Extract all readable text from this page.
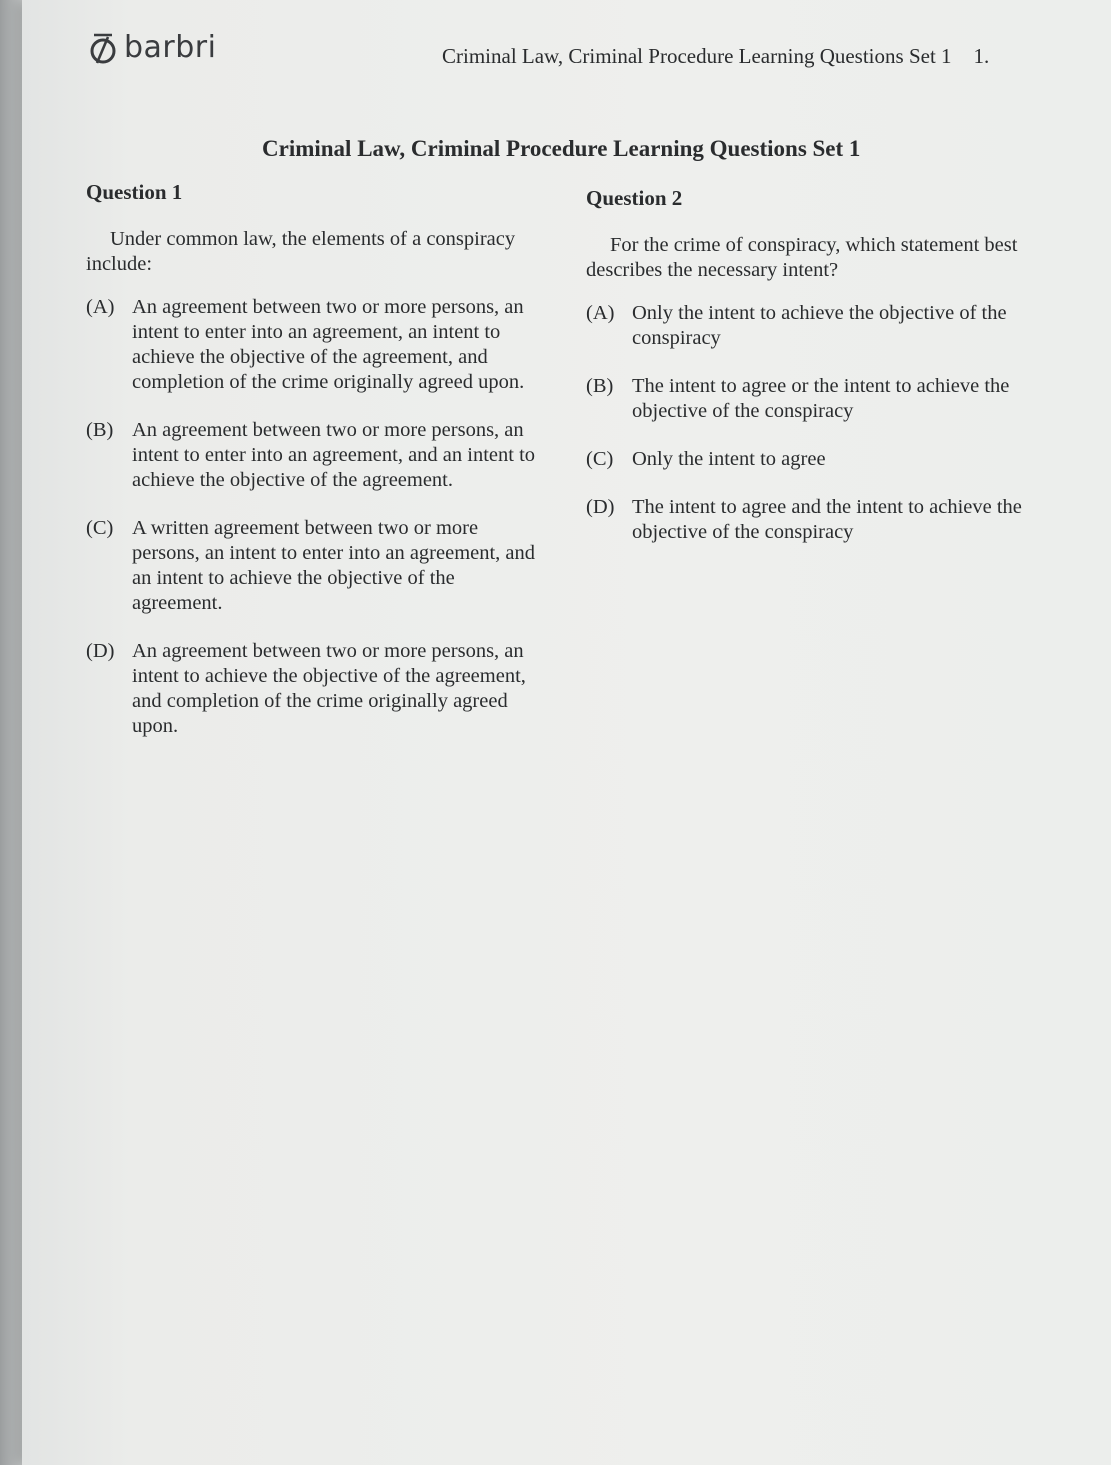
barbri	Criminal Law, Criminal Procedure Learning Questions Set 1 1.
Criminal Law, Criminal Procedure Learning Questions Set 1
Question 1
Under common law, the elements of a conspiracy include:
(A) An agreement between two or more persons, an intent to enter into an agreement, an intent to achieve the objective of the agreement, and completion of the crime originally agreed upon.
(B) An agreement between two or more persons, an intent to enter into an agreement, and an intent to achieve the objective of the agreement.
(C) A written agreement between two or more persons, an intent to enter into an agreement, and an intent to achieve the objective of the agreement.
(D) An agreement between two or more persons, an intent to achieve the objective of the agreement, and completion of the crime originally agreed upon.
Question 2
For the crime of conspiracy, which statement best describes the necessary intent?
(A) Only the intent to achieve the objective of the conspiracy
(B) The intent to agree or the intent to achieve the objective of the conspiracy
(C) Only the intent to agree
(D) The intent to agree and the intent to achieve the objective of the conspiracy
